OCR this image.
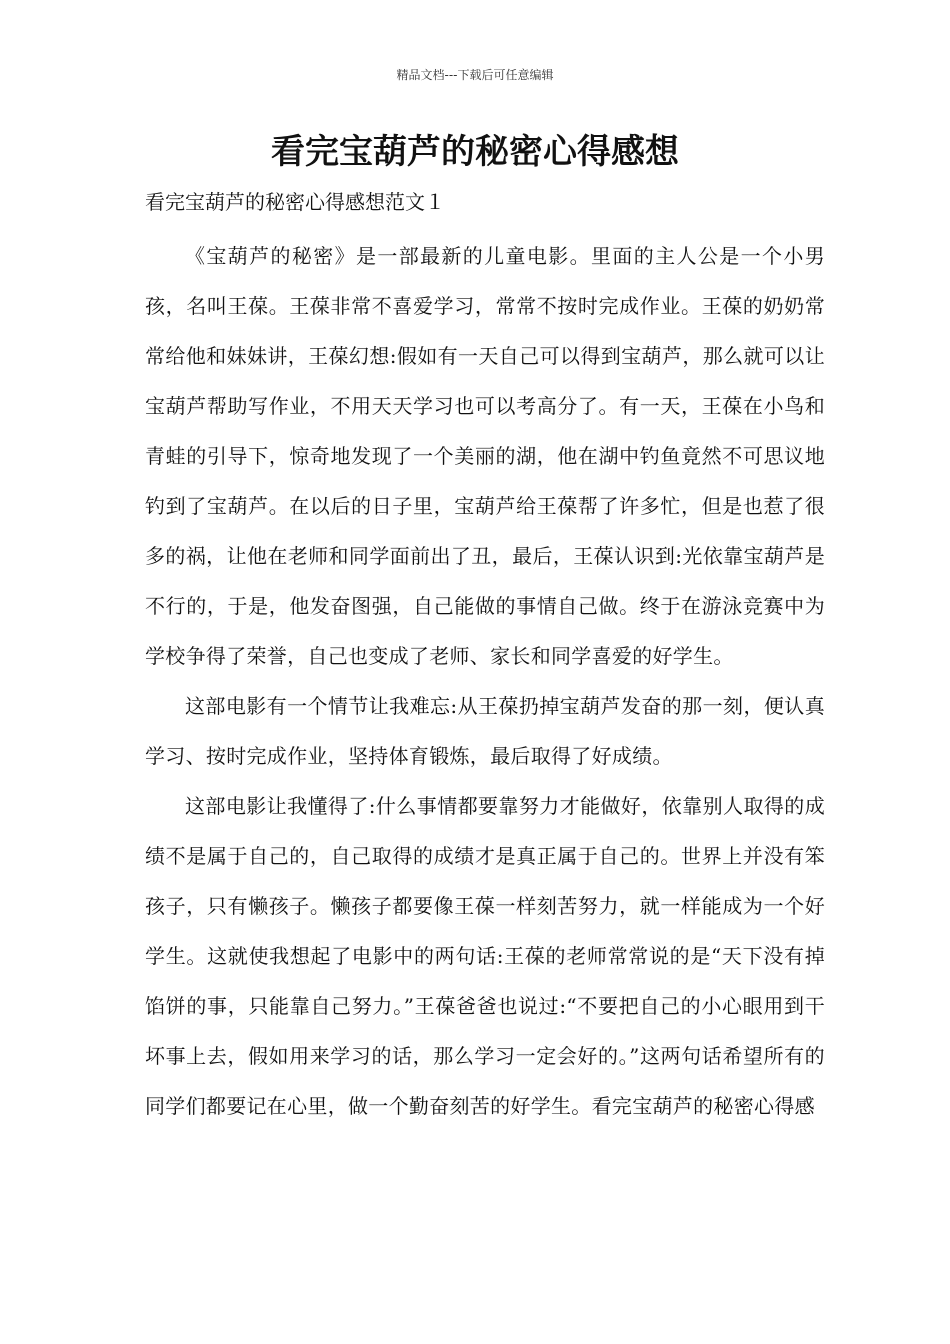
精品文档---下载后可任意编辑
看完宝葫芦的秘密心得感想
看完宝葫芦的秘密心得感想范文１

《宝葫芦的秘密》是一部最新的儿童电影。里面的主人公是一个小男孩，名叫王葆。王葆非常不喜爱学习，常常不按时完成作业。王葆的奶奶常常给他和妹妹讲，王葆幻想:假如有一天自己可以得到宝葫芦，那么就可以让宝葫芦帮助写作业，不用天天学习也可以考高分了。有一天，王葆在小鸟和青蛙的引导下，惊奇地发现了一个美丽的湖，他在湖中钓鱼竟然不可思议地钓到了宝葫芦。在以后的日子里，宝葫芦给王葆帮了许多忙，但是也惹了很多的祸，让他在老师和同学面前出了丑，最后，王葆认识到:光依靠宝葫芦是不行的，于是，他发奋图强，自己能做的事情自己做。终于在游泳竞赛中为学校争得了荣誉，自己也变成了老师、家长和同学喜爱的好学生。

这部电影有一个情节让我难忘:从王葆扔掉宝葫芦发奋的那一刻，便认真学习、按时完成作业，坚持体育锻炼，最后取得了好成绩。

这部电影让我懂得了:什么事情都要靠努力才能做好，依靠别人取得的成绩不是属于自己的，自己取得的成绩才是真正属于自己的。世界上并没有笨孩子，只有懒孩子。懒孩子都要像王葆一样刻苦努力，就一样能成为一个好学生。这就使我想起了电影中的两句话:王葆的老师常常说的是“天下没有掉馅饼的事，只能靠自己努力。”王葆爸爸也说过:“不要把自己的小心眼用到干坏事上去，假如用来学习的话，那么学习一定会好的。”这两句话希望所有的同学们都要记在心里，做一个勤奋刻苦的好学生。看完宝葫芦的秘密心得感
